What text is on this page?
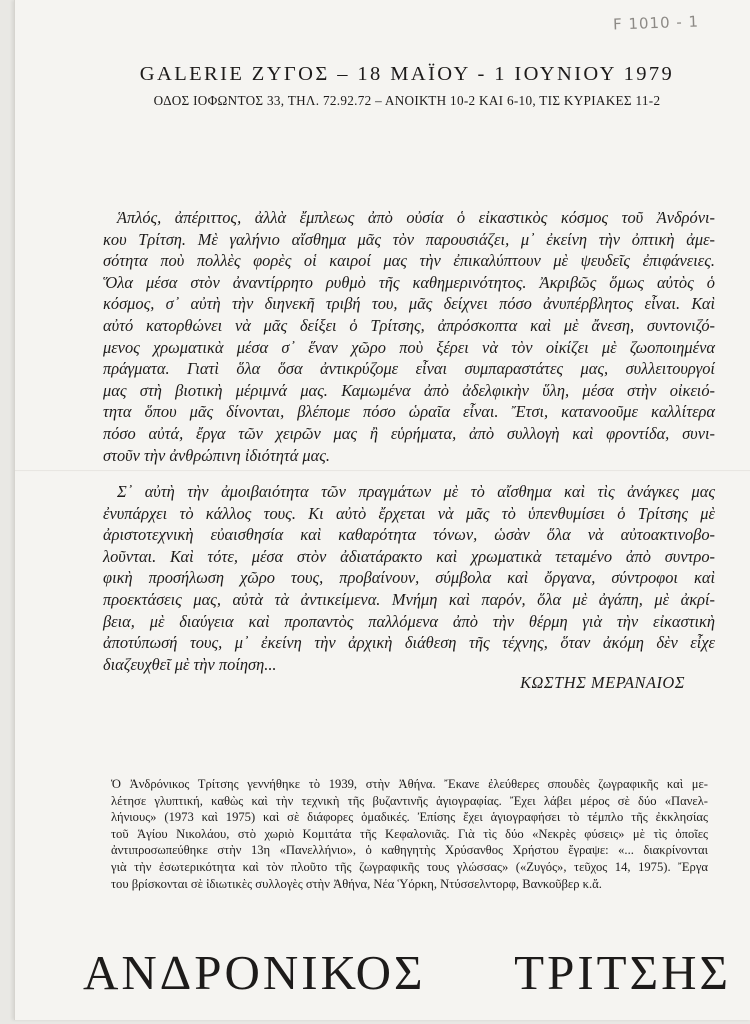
F 1010 - 1
GALERIE ΖΥΓΟΣ – 18 ΜΑΪΟΥ - 1 ΙΟΥΝΙΟΥ 1979
ΟΔΟΣ ΙΟΦΩΝΤΟΣ 33, ΤΗΛ. 72.92.72 – ΑΝΟΙΚΤΗ 10-2 ΚΑΙ 6-10, ΤΙΣ ΚΥΡΙΑΚΕΣ 11-2
Ἁπλός, ἀπέριττος, ἀλλὰ ἔμπλεως ἀπὸ οὐσία ὁ εἰκαστικὸς κόσμος τοῦ Ἀνδρόνι-
κου Τρίτση. Μὲ γαλήνιο αἴσθημα μᾶς τὸν παρουσιάζει, μ᾽ ἐκείνη τὴν ὀπτικὴ ἀμε-
σότητα ποὺ πολλὲς φορὲς οἱ καιροί μας τὴν ἐπικαλύπτουν μὲ ψευδεῖς ἐπιφάνειες.
Ὅλα μέσα στὸν ἀναντίρρητο ρυθμὸ τῆς καθημερινότητος. Ἀκριβῶς ὅμως αὐτὸς ὁ
κόσμος, σ᾽ αὐτὴ τὴν διηνεκῆ τριβή του, μᾶς δείχνει πόσο ἀνυπέρβλητος εἶναι. Καὶ
αὐτό κατορθώνει νὰ μᾶς δείξει ὁ Τρίτσης, ἀπρόσκοπτα καὶ μὲ ἄνεση, συντονιζό-
μενος χρωματικὰ μέσα σ᾽ ἕναν χῶρο ποὺ ξέρει νὰ τὸν οἰκίζει μὲ ζωοποιημένα
πράγματα. Γιατὶ ὅλα ὅσα ἀντικρύζομε εἶναι συμπαραστάτες μας, συλλειτουργοί
μας στὴ βιοτικὴ μέριμνά μας. Καμωμένα ἀπὸ ἀδελφικὴν ὕλη, μέσα στὴν οἰκειό-
τητα ὅπου μᾶς δίνονται, βλέπομε πόσο ὡραῖα εἶναι. Ἔτσι, κατανοοῦμε καλλίτερα
πόσο αὐτά, ἔργα τῶν χειρῶν μας ἢ εὑρήματα, ἀπὸ συλλογὴ καὶ φροντίδα, συνι-
στοῦν τὴν ἀνθρώπινη ἰδιότητά μας.
Σ᾽ αὐτὴ τὴν ἀμοιβαιότητα τῶν πραγμάτων μὲ τὸ αἴσθημα καὶ τὶς ἀνάγκες μας
ἐνυπάρχει τὸ κάλλος τους. Κι αὐτὸ ἔρχεται νὰ μᾶς τὸ ὑπενθυμίσει ὁ Τρίτσης μὲ
ἀριστοτεχνικὴ εὐαισθησία καὶ καθαρότητα τόνων, ὡσὰν ὅλα νὰ αὐτοακτινοβο-
λοῦνται. Καὶ τότε, μέσα στὸν ἀδιατάρακτο καὶ χρωματικὰ τεταμένο ἀπὸ συντρο-
φικὴ προσήλωση χῶρο τους, προβαίνουν, σύμβολα καὶ ὄργανα, σύντροφοι καὶ
προεκτάσεις μας, αὐτὰ τὰ ἀντικείμενα. Μνήμη καὶ παρόν, ὅλα μὲ ἀγάπη, μὲ ἀκρί-
βεια, μὲ διαύγεια καὶ προπαντὸς παλλόμενα ἀπὸ τὴν θέρμη γιὰ τὴν εἰκαστικὴ
ἀποτύπωσή τους, μ᾽ ἐκείνη τὴν ἀρχικὴ διάθεση τῆς τέχνης, ὅταν ἀκόμη δὲν εἶχε
διαζευχθεῖ μὲ τὴν ποίηση...
ΚΩΣΤΗΣ ΜΕΡΑΝΑΙΟΣ
Ὁ Ἀνδρόνικος Τρίτσης γεννήθηκε τὸ 1939, στὴν Ἀθήνα. Ἔκανε ἐλεύθερες σπουδὲς ζωγραφικῆς καὶ με-
λέτησε γλυπτική, καθὼς καὶ τὴν τεχνικὴ τῆς βυζαντινῆς ἁγιογραφίας. Ἔχει λάβει μέρος σὲ δύο «Πανελ-
λήνιους» (1973 καὶ 1975) καὶ σὲ διάφορες ὁμαδικές. Ἐπίσης ἔχει ἁγιογραφήσει τὸ τέμπλο τῆς ἐκκλησίας
τοῦ Ἁγίου Νικολάου, στὸ χωριὸ Κομιτάτα τῆς Κεφαλονιᾶς. Γιὰ τὶς δύο «Νεκρὲς φύσεις» μὲ τὶς ὁποῖες
ἀντιπροσωπεύθηκε στὴν 13η «Πανελλήνιο», ὁ καθηγητὴς Χρύσανθος Χρήστου ἔγραψε: «... διακρίνονται
γιὰ τὴν ἐσωτερικότητα καὶ τὸν πλοῦτο τῆς ζωγραφικῆς τους γλώσσας» («Ζυγός», τεῦχος 14, 1975). Ἔργα
του βρίσκονται σὲ ἰδιωτικὲς συλλογὲς στὴν Ἀθήνα, Νέα Ὑόρκη, Ντύσσελντορφ, Βανκοῦβερ κ.ἄ.
ΑΝΔΡΟΝΙΚΟΣ ΤΡΙΤΣΗΣ
